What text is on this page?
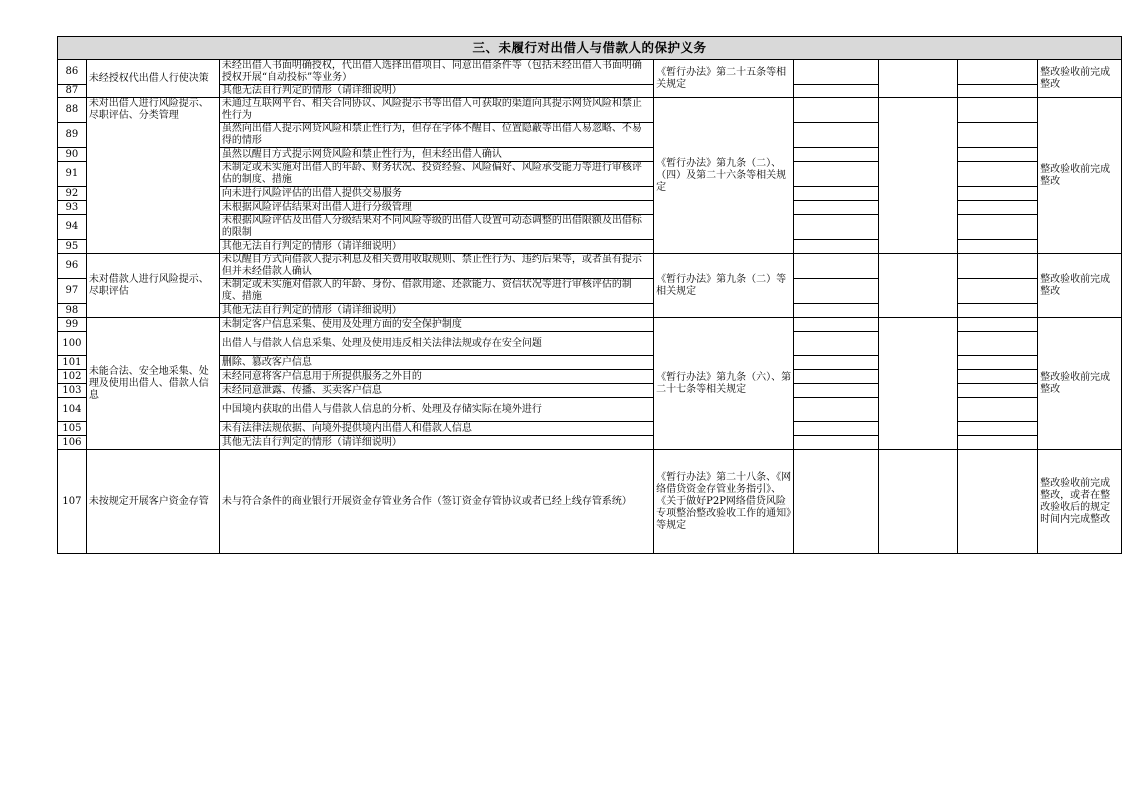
三、未履行对出借人与借款人的保护义务							
86	未经授权代出借人行使决策	未经出借人书面明确授权，代出借人选择出借项目、同意出借条件等（包括未经出借人书面明确授权开展“自动投标”等业务）	《暂行办法》第二十五条等相关规定				整改验收前完成整改
87		其他无法自行判定的情形（请详细说明）					
88	未对出借人进行风险提示、尽职评估、分类管理	未通过互联网平台、相关合同协议、风险提示书等出借人可获取的渠道向其提示网贷风险和禁止性行为	《暂行办法》第九条（二）、（四）及第二十六条等相关规定				整改验收前完成整改
89		虽然向出借人提示网贷风险和禁止性行为，但存在字体不醒目、位置隐蔽等出借人易忽略、不易得的情形					
90		虽然以醒目方式提示网贷风险和禁止性行为，但未经出借人确认					
91		未制定或未实施对出借人的年龄、财务状况、投资经验、风险偏好、风险承受能力等进行审核评估的制度、措施					
92		向未进行风险评估的出借人提供交易服务					
93		未根据风险评估结果对出借人进行分级管理					
94		未根据风险评估及出借人分级结果对不同风险等级的出借人设置可动态调整的出借限额及出借标的限制					
95		其他无法自行判定的情形（请详细说明）					
96	未对借款人进行风险提示、尽职评估	未以醒目方式向借款人提示利息及相关费用收取规则、禁止性行为、违约后果等，或者虽有提示但并未经借款人确认	《暂行办法》第九条（二）等相关规定				整改验收前完成整改
97		未制定或未实施对借款人的年龄、身份、借款用途、还款能力、资信状况等进行审核评估的制度、措施					
98		其他无法自行判定的情形（请详细说明）					
99	未能合法、安全地采集、处理及使用出借人、借款人信息	未制定客户信息采集、使用及处理方面的安全保护制度	《暂行办法》第九条（六）、第二十七条等相关规定				整改验收前完成整改
100		出借人与借款人信息采集、处理及使用违反相关法律法规或存在安全问题					
101		删除、篡改客户信息					
102		未经同意将客户信息用于所提供服务之外目的					
103		未经同意泄露、传播、买卖客户信息					
104		中国境内获取的出借人与借款人信息的分析、处理及存储实际在境外进行					
105		未有法律法规依据、向境外提供境内出借人和借款人信息					
106		其他无法自行判定的情形（请详细说明）					
107	未按规定开展客户资金存管	未与符合条件的商业银行开展资金存管业务合作（签订资金存管协议或者已经上线存管系统）	《暂行办法》第二十八条、《网络借贷资金存管业务指引》、《关于做好P2P网络借贷风险专项整治整改验收工作的通知》等规定				整改验收前完成整改，或者在整改验收后的规定时间内完成整改
